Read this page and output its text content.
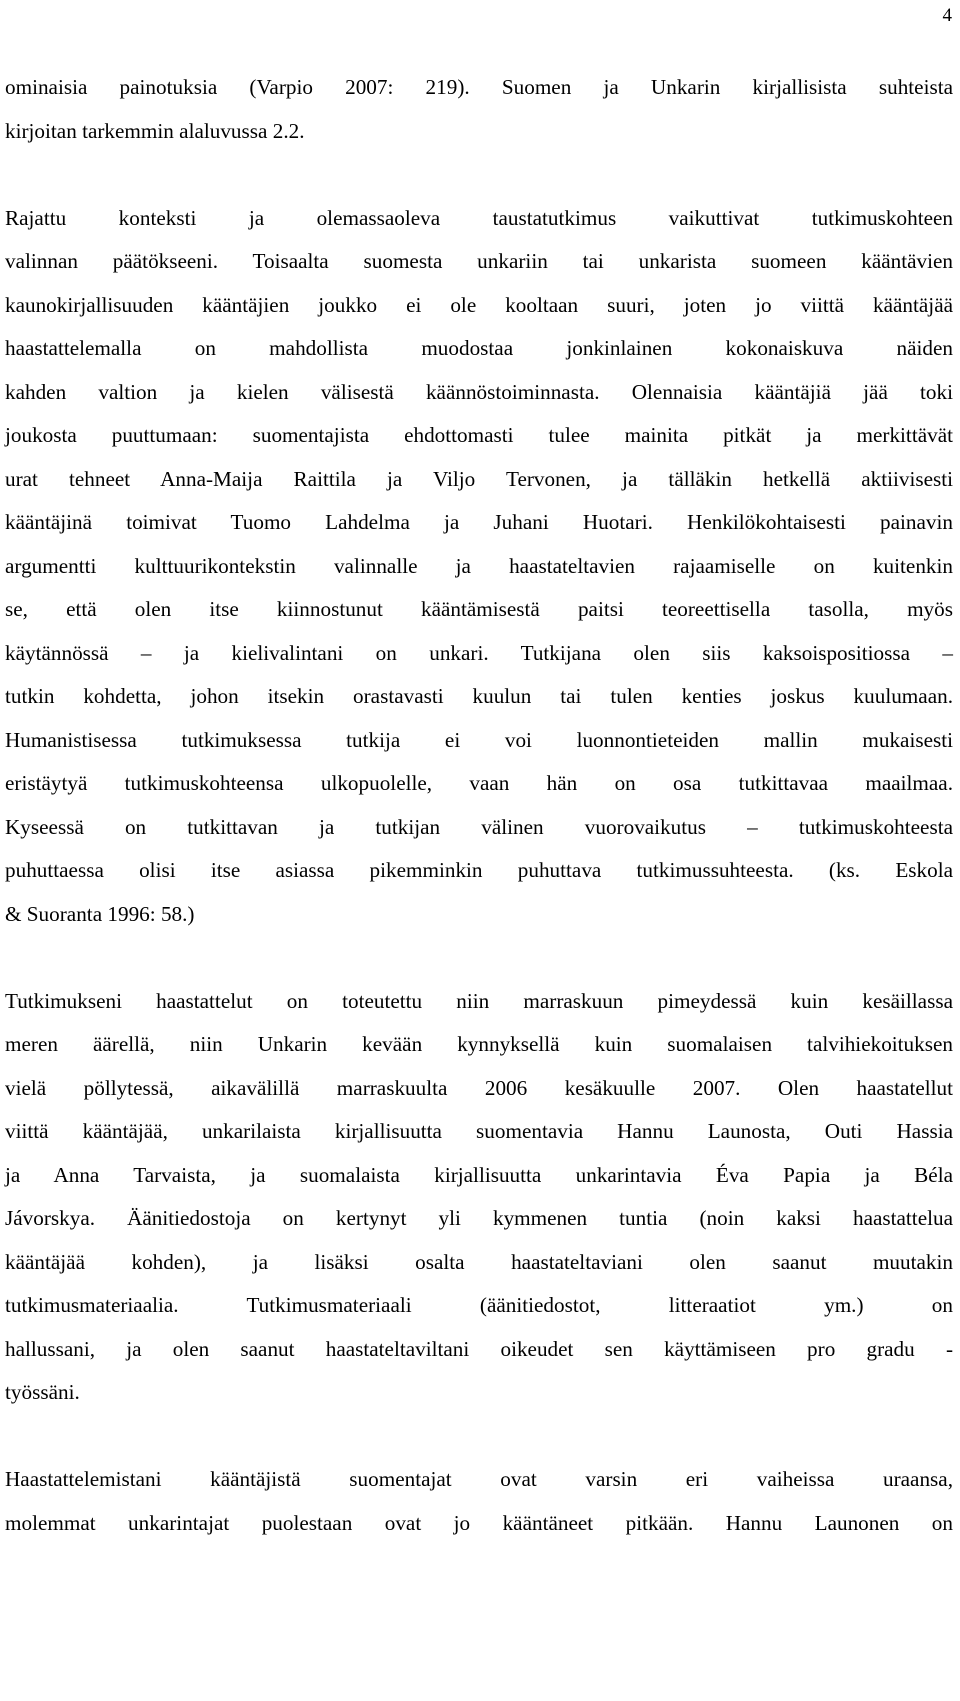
4
ominaisia painotuksia (Varpio 2007: 219). Suomen ja Unkarin kirjallisista suhteista
kirjoitan tarkemmin alaluvussa 2.2.
Rajattu konteksti ja olemassaoleva taustatutkimus vaikuttivat tutkimuskohteen
valinnan päätökseeni. Toisaalta suomesta unkariin tai unkarista suomeen kääntävien
kaunokirjallisuuden kääntäjien joukko ei ole kooltaan suuri, joten jo viittä kääntäjää
haastattelemalla on mahdollista muodostaa jonkinlainen kokonaiskuva näiden
kahden valtion ja kielen välisestä käännöstoiminnasta. Olennaisia kääntäjiä jää toki
joukosta puuttumaan: suomentajista ehdottomasti tulee mainita pitkät ja merkittävät
urat tehneet Anna-Maija Raittila ja Viljo Tervonen, ja tälläkin hetkellä aktiivisesti
kääntäjinä toimivat Tuomo Lahdelma ja Juhani Huotari. Henkilökohtaisesti painavin
argumentti kulttuurikontekstin valinnalle ja haastateltavien rajaamiselle on kuitenkin
se, että olen itse kiinnostunut kääntämisestä paitsi teoreettisella tasolla, myös
käytännössä – ja kielivalintani on unkari. Tutkijana olen siis kaksoispositiossa –
tutkin kohdetta, johon itsekin orastavasti kuulun tai tulen kenties joskus kuulumaan.
Humanistisessa tutkimuksessa tutkija ei voi luonnontieteiden mallin mukaisesti
eristäytyä tutkimuskohteensa ulkopuolelle, vaan hän on osa tutkittavaa maailmaa.
Kyseessä on tutkittavan ja tutkijan välinen vuorovaikutus – tutkimuskohteesta
puhuttaessa olisi itse asiassa pikemminkin puhuttava tutkimussuhteesta. (ks. Eskola
& Suoranta 1996: 58.)
Tutkimukseni haastattelut on toteutettu niin marraskuun pimeydessä kuin kesäillassa
meren äärellä, niin Unkarin kevään kynnyksellä kuin suomalaisen talvihiekoituksen
vielä pöllytessä, aikavälillä marraskuulta 2006 kesäkuulle 2007. Olen haastatellut
viittä kääntäjää, unkarilaista kirjallisuutta suomentavia Hannu Launosta, Outi Hassia
ja Anna Tarvaista, ja suomalaista kirjallisuutta unkarintavia Éva Papia ja Béla
Jávorskya. Äänitiedostoja on kertynyt yli kymmenen tuntia (noin kaksi haastattelua
kääntäjää kohden), ja lisäksi osalta haastateltaviani olen saanut muutakin
tutkimusmateriaalia. Tutkimusmateriaali (äänitiedostot, litteraatiot ym.) on
hallussani, ja olen saanut haastateltaviltani oikeudet sen käyttämiseen pro gradu -
työssäni.
Haastattelemistani kääntäjistä suomentajat ovat varsin eri vaiheissa uraansa,
molemmat unkarintajat puolestaan ovat jo kääntäneet pitkään. Hannu Launonen on
